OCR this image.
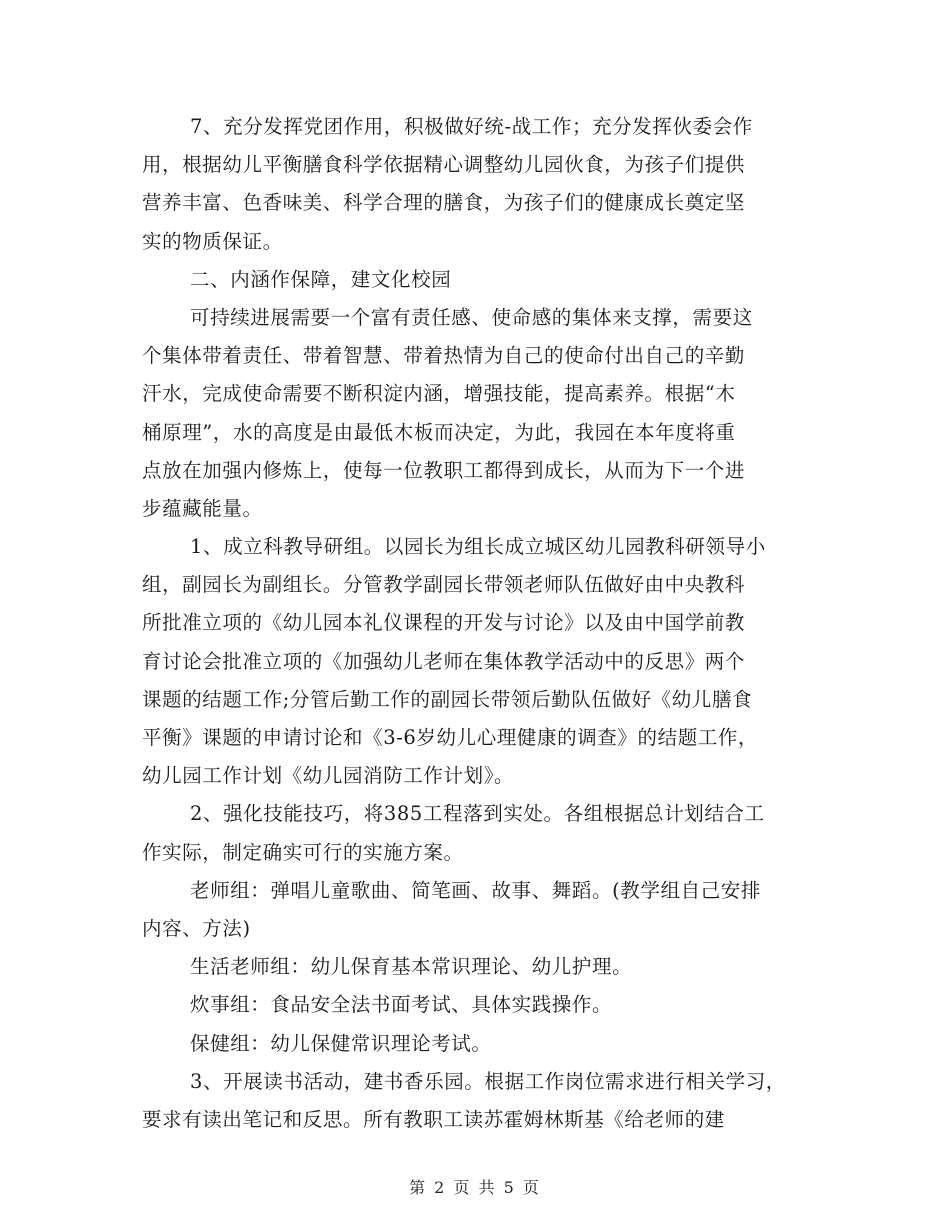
7、充分发挥党团作用，积极做好统-战工作；充分发挥伙委会作
用，根据幼儿平衡膳食科学依据精心调整幼儿园伙食，为孩子们提供
营养丰富、色香味美、科学合理的膳食，为孩子们的健康成长奠定坚
实的物质保证。
二、内涵作保障，建文化校园
可持续进展需要一个富有责任感、使命感的集体来支撑，需要这
个集体带着责任、带着智慧、带着热情为自己的使命付出自己的辛勤
汗水，完成使命需要不断积淀内涵，增强技能，提高素养。根据“木
桶原理”，水的高度是由最低木板而决定，为此，我园在本年度将重
点放在加强内修炼上，使每一位教职工都得到成长，从而为下一个进
步蕴藏能量。
1、成立科教导研组。以园长为组长成立城区幼儿园教科研领导小
组，副园长为副组长。分管教学副园长带领老师队伍做好由中央教科
所批准立项的《幼儿园本礼仪课程的开发与讨论》以及由中国学前教
育讨论会批准立项的《加强幼儿老师在集体教学活动中的反思》两个
课题的结题工作;分管后勤工作的副园长带领后勤队伍做好《幼儿膳食
平衡》课题的申请讨论和《3-6岁幼儿心理健康的调查》的结题工作，
幼儿园工作计划《幼儿园消防工作计划》。
2、强化技能技巧，将385工程落到实处。各组根据总计划结合工
作实际，制定确实可行的实施方案。
老师组：弹唱儿童歌曲、简笔画、故事、舞蹈。(教学组自己安排
内容、方法)
生活老师组：幼儿保育基本常识理论、幼儿护理。
炊事组：食品安全法书面考试、具体实践操作。
保健组：幼儿保健常识理论考试。
3、开展读书活动，建书香乐园。根据工作岗位需求进行相关学习，
要求有读出笔记和反思。所有教职工读苏霍姆林斯基《给老师的建
第 2 页 共 5 页
